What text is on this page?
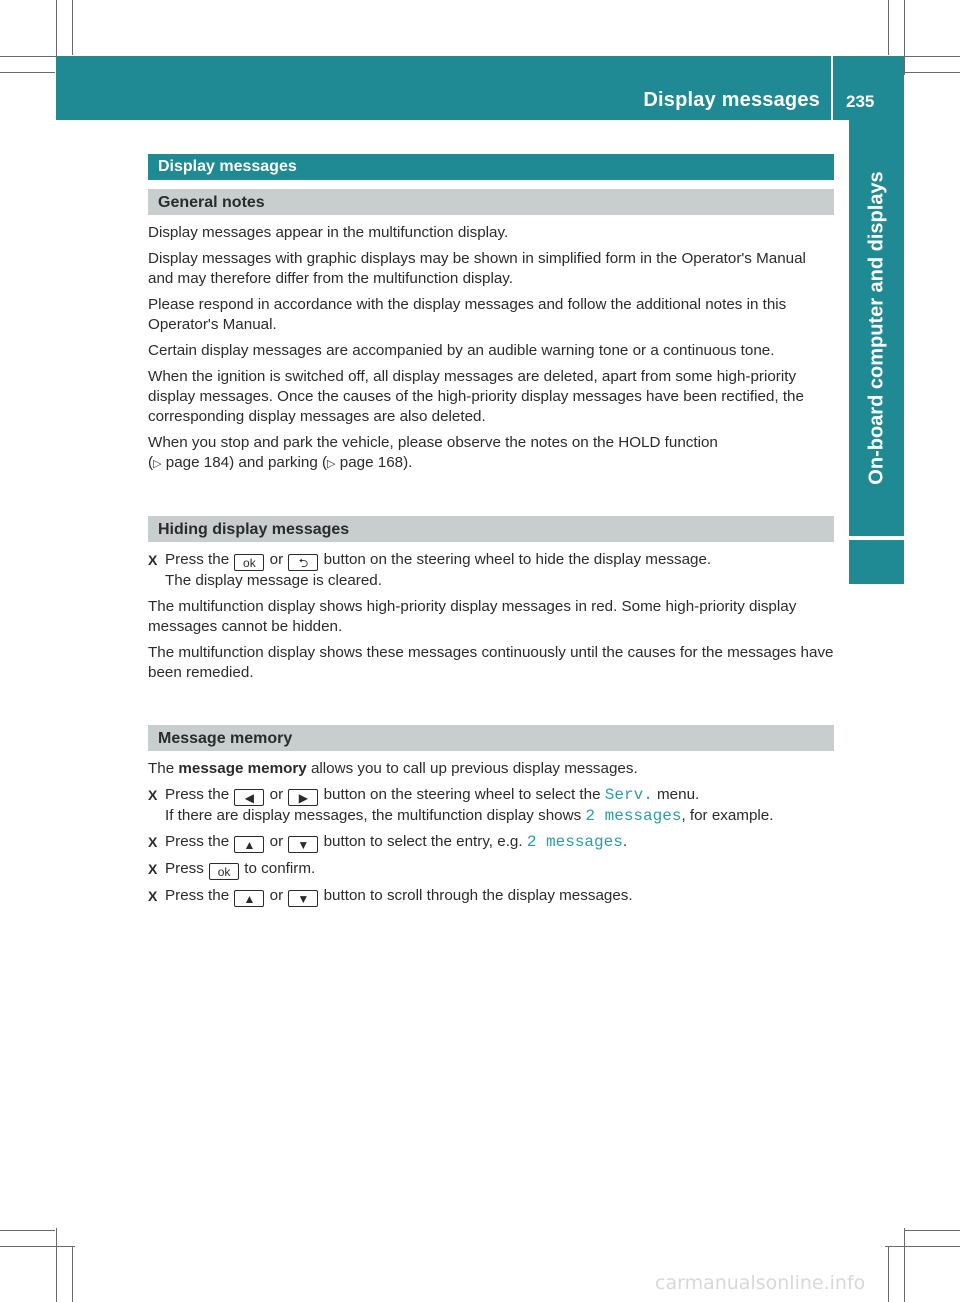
Display messages 235
On-board computer and displays
Display messages
General notes

Display messages appear in the multifunction display.

Display messages with graphic displays may be shown in simplified form in the Operator's Manual and may therefore differ from the multifunction display.

Please respond in accordance with the display messages and follow the additional notes in this Operator's Manual.

Certain display messages are accompanied by an audible warning tone or a continuous tone.

When the ignition is switched off, all display messages are deleted, apart from some high-priority display messages. Once the causes of the high-priority display messages have been rectified, the corresponding display messages are also deleted.

When you stop and park the vehicle, please observe the notes on the HOLD function
(▷ page 184) and parking (▷ page 168).

Hiding display messages
X Press the ok or ⮌ button on the steering wheel to hide the display message.
The display message is cleared.

The multifunction display shows high-priority display messages in red. Some high-priority display messages cannot be hidden.

The multifunction display shows these messages continuously until the causes for the messages have been remedied.

Message memory

The message memory allows you to call up previous display messages.

X Press the ◀ or ▶ button on the steering wheel to select the Serv. menu.
If there are display messages, the multifunction display shows 2 messages, for example.
X Press the ▲ or ▼ button to select the entry, e.g. 2 messages.
X Press ok to confirm.
X Press the ▲ or ▼ button to scroll through the display messages.
carmanualsonline.info
